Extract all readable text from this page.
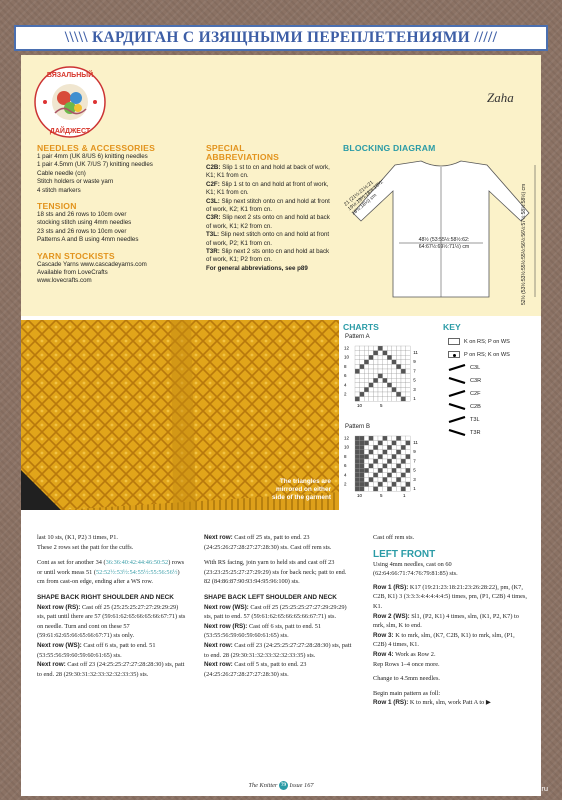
\\\\\ КАРДИГАН С ИЗЯЩНЫМИ ПЕРЕПЛЕТЕНИЯМИ /////
ВЯЗАЛЬНЫЙ
ДАЙДЖЕСТ
Zaha
NEEDLES & ACCESSORIES
1 pair 4mm (UK 8/US 6) knitting needles
1 pair 4.5mm (UK 7/US 7) knitting needles
Cable needle (cn)
Stitch holders or waste yarn
4 stitch markers
TENSION
18 sts and 26 rows to 10cm over
stocking stitch using 4mm needles
23 sts and 26 rows to 10cm over
Patterns A and B using 4mm needles
YARN STOCKISTS
Cascade Yarns www.cascadeyarns.com
Available from LoveCrafts
www.lovecrafts.com
SPECIAL
ABBREVIATIONS
C2B: Slip 1 st to cn and hold at back of work, K1; K1 from cn.
C2F: Slip 1 st to cn and hold at front of work, K1; K1 from cn.
C3L: Slip next stitch onto cn and hold at front of work, K2; K1 from cn.
C3R: Slip next 2 sts onto cn and hold at back of work, K1; K2 from cn.
T3L: Slip next stitch onto cn and hold at front of work, P2; K1 from cn.
T3R: Slip next 2 sts onto cn and hold at back of work, K1; P2 from cn.
For general abbreviations, see p89
BLOCKING DIAGRAM
48½ (53:55½:58½:62: 64:67½:69½:71½) cm
21 (21½:21½:21 19½:19½:18½:18½: 18½:18½) cm	52½ (53½:53½:55½:55½:56½:56½:57½:58½:58½) cm
The triangles are
mirrored on either
side of the garment
CHARTS
Pattern A
12
10
8
6
4
2
11
9
7
5
3
1
10	5
Pattern B
12
10
8
6
4
2
11
9
7
5
3
1
10	5	1
KEY
K on RS; P on WS
P on RS; K on WS
C3L
C3R
C2F
C2B
T3L
T3R
last 10 sts, (K1, P2) 3 times, P1.
These 2 rows set the patt for the cuffs.
Cont as set for another 34 (36:36:40:42:44:46:50:52) rows or until work meas 51 (52:52½:53½:54:55½:55:56:56½) cm from cast-on edge, ending after a WS row.
SHAPE BACK RIGHT SHOULDER AND NECK
Next row (RS): Cast off 25 (25:25:25:27:27:29:29:29) sts, patt until there are 57 (59:61:62:65:66:65:66:67:71) sts on needle. Turn and cont on these 57 (59:61:62:65:66:65:66:67:71) sts only.
Next row (WS): Cast off 6 sts, patt to end. 51 (53:55:56:59:60:59:60:61:65) sts.
Next row: Cast off 23 (24:25:25:27:27:28:28:30) sts, patt to end. 28 (29:30:31:32:33:32:32:33:35) sts.
Next row: Cast off 25 sts, patt to end. 23 (24:25:26:27:28:27:27:28:30) sts. Cast off rem sts.
With RS facing, join yarn to held sts and cast off 23 (23:23:25:25:27:27:29:29) sts for back neck; patt to end. 82 (84:86:87:90:93:94:95:96:100) sts.
SHAPE BACK LEFT SHOULDER AND NECK
Next row (WS): Cast off 25 (25:25:25:27:27:29:29:29) sts, patt to end. 57 (59:61:62:65:66:65:66:67:71) sts.
Next row (RS): Cast off 6 sts, patt to end. 51 (53:55:56:59:60:59:60:61:65) sts.
Next row: Cast off 23 (24:25:25:27:27:28:28:30) sts, patt to end. 28 (29:30:31:32:33:32:32:33:35) sts.
Next row: Cast off 5 sts, patt to end. 23 (24:25:26:27:28:27:27:28:30) sts.
Cast off rem sts.
LEFT FRONT
Using 4mm needles, cast on 60 (62:64:66:71:74:76:79:81:85) sts.
Row 1 (RS): K17 (19:21:23:18:21:23:26:28:22), pm, (K7, C2B, K1) 3 (3:3:3:4:4:4:4:4:5) times, pm, (P1, C2B) 4 times, K1.
Row 2 (WS): Sl1, (P2, K1) 4 times, slm, (K1, P2, K7) to mrk, slm, K to end.
Row 3: K to mrk, slm, (K7, C2B, K1) to mrk, slm, (P1, C2B) 4 times, K1.
Row 4: Work as Row 2.
Rep Rows 1–4 once more.
Change to 4.5mm needles.
Begin main pattern as foll:
Row 1 (RS): K to mrk, slm, work Patt A to ▶
The Knitter 79 Issue 167	PassionForum.ru
